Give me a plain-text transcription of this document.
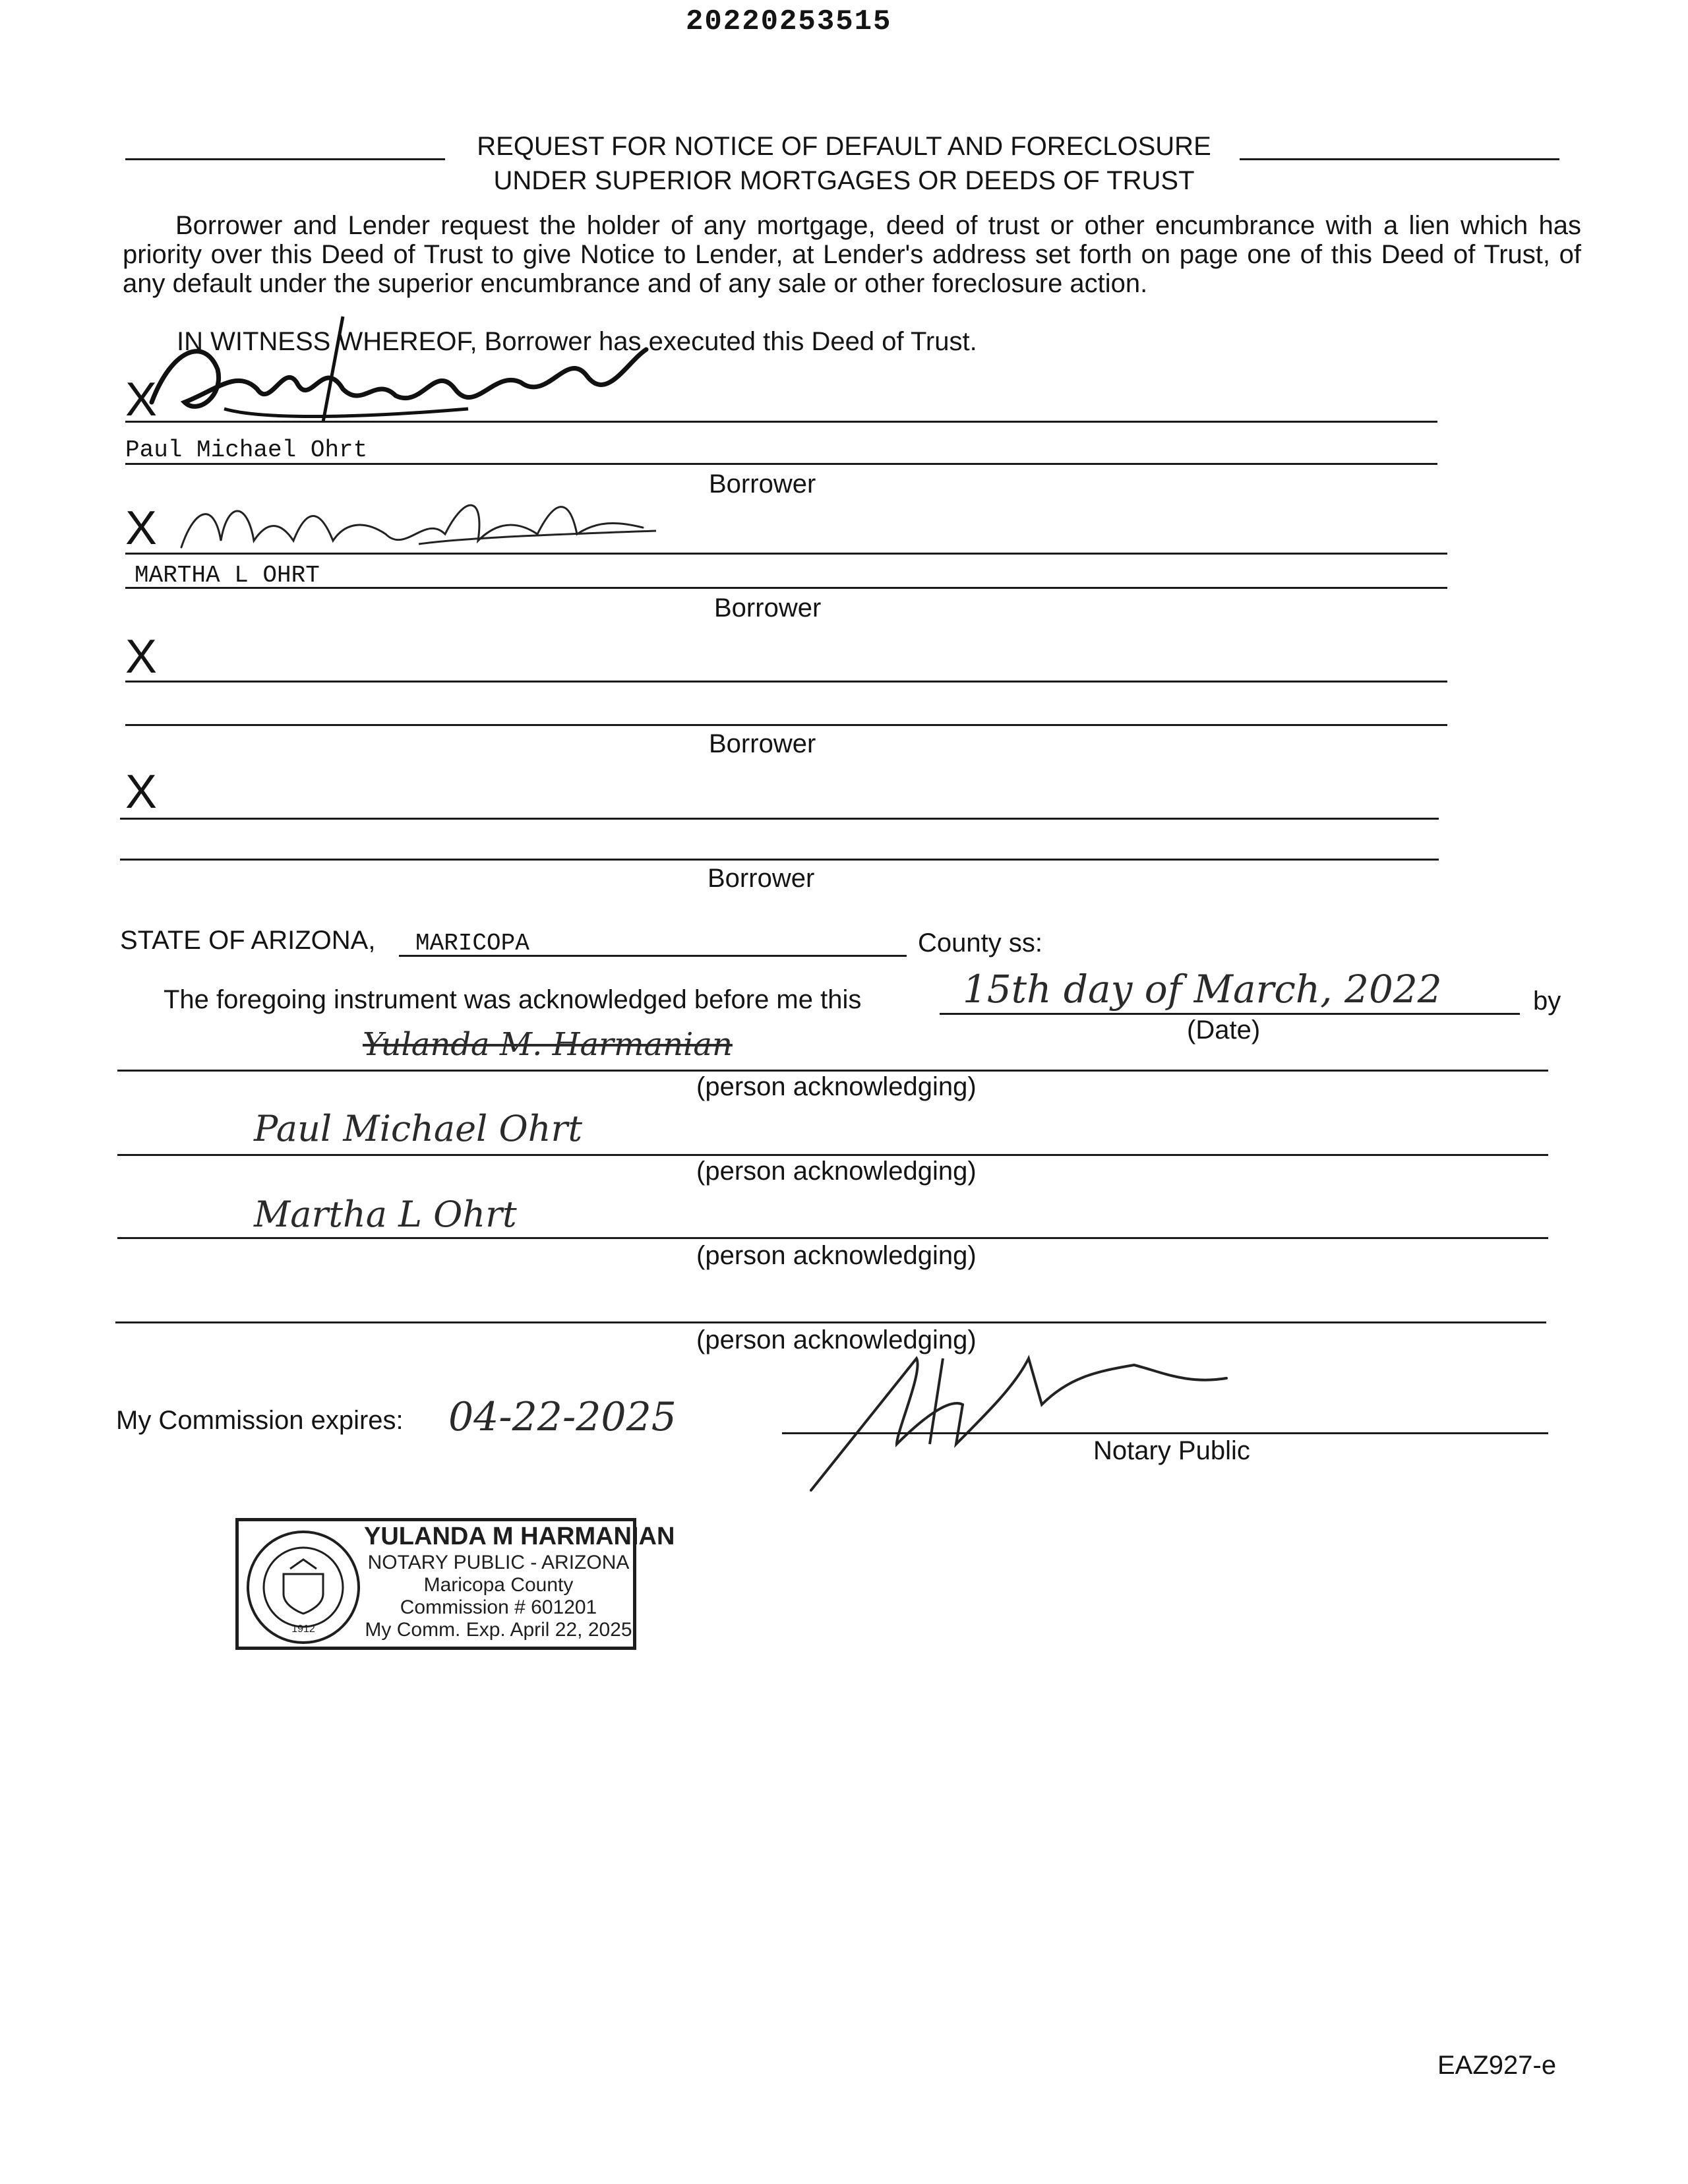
20220253515
REQUEST FOR NOTICE OF DEFAULT AND FORECLOSURE
UNDER SUPERIOR MORTGAGES OR DEEDS OF TRUST
Borrower and Lender request the holder of any mortgage, deed of trust or other encumbrance with a lien which has priority over this Deed of Trust to give Notice to Lender, at Lender's address set forth on page one of this Deed of Trust, of any default under the superior encumbrance and of any sale or other foreclosure action.
IN WITNESS WHEREOF, Borrower has executed this Deed of Trust.
X
Paul Michael Ohrt
Borrower
X
MARTHA L OHRT
Borrower
X
Borrower
X
Borrower
STATE OF ARIZONA, MARICOPA	County ss:
The foregoing instrument was acknowledged before me this	15th day of March, 2022	by
(Date)
Yulanda M. Harmanian
(person acknowledging)
Paul Michael Ohrt
(person acknowledging)
Martha L Ohrt
(person acknowledging)
(person acknowledging)
My Commission expires: 04-22-2025
Notary Public
1912
YULANDA M HARMANIAN
NOTARY PUBLIC - ARIZONA
Maricopa County
Commission # 601201
My Comm. Exp. April 22, 2025
EAZ927-e
